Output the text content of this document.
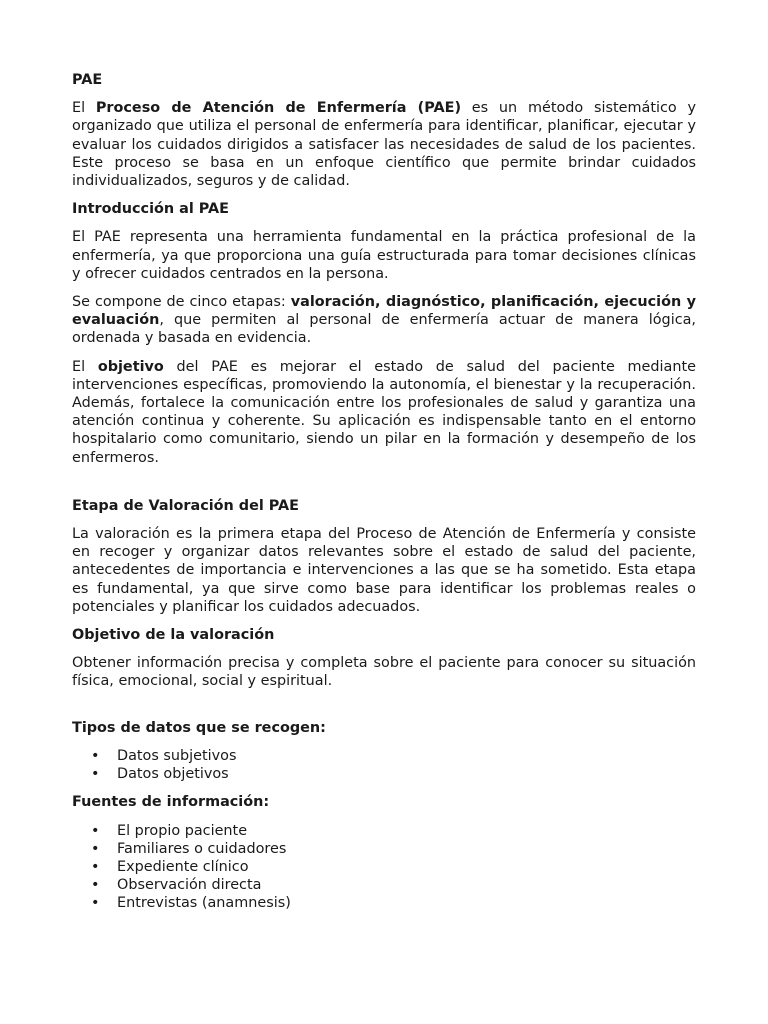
PAE

El Proceso de Atención de Enfermería (PAE) es un método sistemático y organizado que utiliza el personal de enfermería para identificar, planificar, ejecutar y evaluar los cuidados dirigidos a satisfacer las necesidades de salud de los pacientes. Este proceso se basa en un enfoque científico que permite brindar cuidados individualizados, seguros y de calidad.

Introducción al PAE

El PAE representa una herramienta fundamental en la práctica profesional de la enfermería, ya que proporciona una guía estructurada para tomar decisiones clínicas y ofrecer cuidados centrados en la persona.

Se compone de cinco etapas: valoración, diagnóstico, planificación, ejecución y evaluación, que permiten al personal de enfermería actuar de manera lógica, ordenada y basada en evidencia.

El objetivo del PAE es mejorar el estado de salud del paciente mediante intervenciones específicas, promoviendo la autonomía, el bienestar y la recuperación. Además, fortalece la comunicación entre los profesionales de salud y garantiza una atención continua y coherente. Su aplicación es indispensable tanto en el entorno hospitalario como comunitario, siendo un pilar en la formación y desempeño de los enfermeros.

Etapa de Valoración del PAE

La valoración es la primera etapa del Proceso de Atención de Enfermería y consiste en recoger y organizar datos relevantes sobre el estado de salud del paciente, antecedentes de importancia e intervenciones a las que se ha sometido. Esta etapa es fundamental, ya que sirve como base para identificar los problemas reales o potenciales y planificar los cuidados adecuados.

Objetivo de la valoración

Obtener información precisa y completa sobre el paciente para conocer su situación física, emocional, social y espiritual.

Tipos de datos que se recogen:

• Datos subjetivos
• Datos objetivos

Fuentes de información:

• El propio paciente
• Familiares o cuidadores
• Expediente clínico
• Observación directa
• Entrevistas (anamnesis)
